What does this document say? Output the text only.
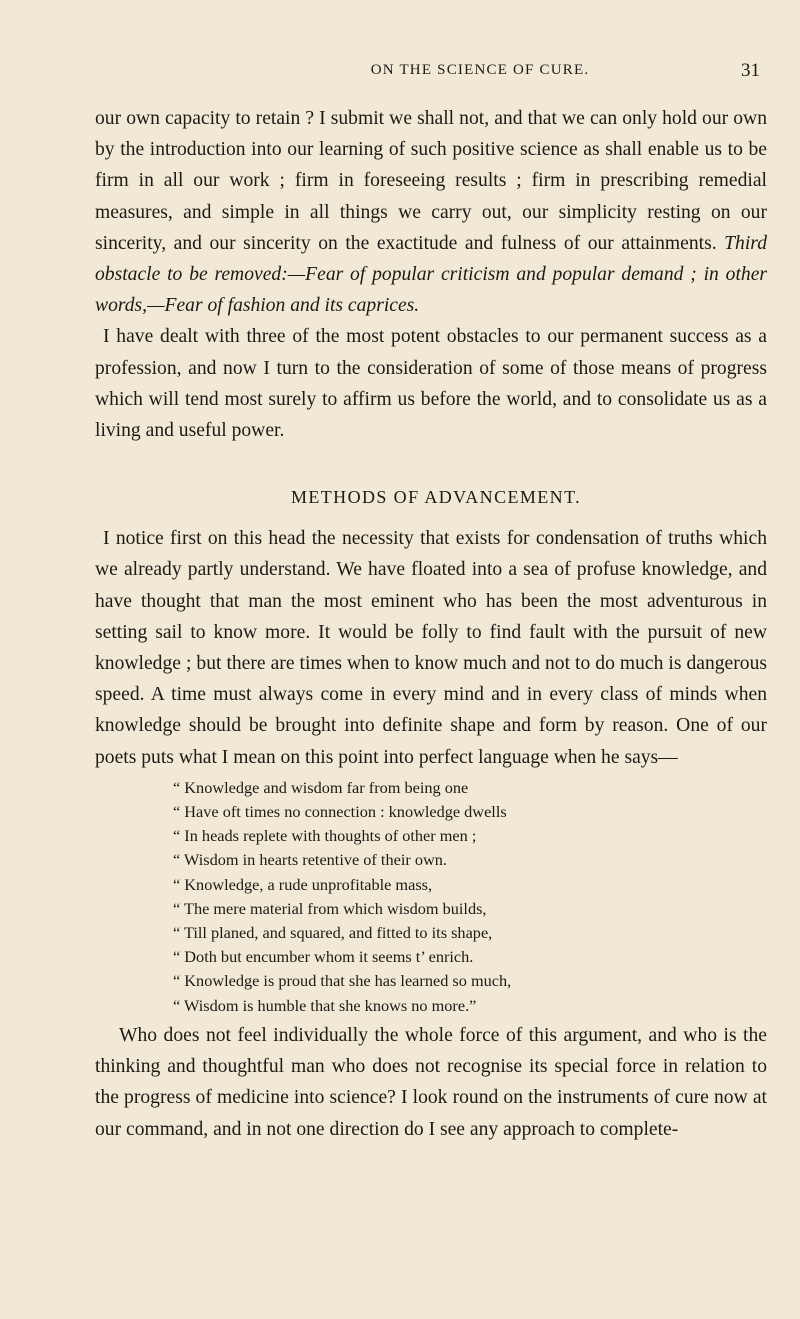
ON THE SCIENCE OF CURE.	31

our own capacity to retain ? I submit we shall not, and that we can only hold our own by the introduction into our learning of such positive science as shall enable us to be firm in all our work ; firm in foreseeing results ; firm in prescribing remedial measures, and simple in all things we carry out, our simplicity resting on our sincerity, and our sincerity on the exactitude and fulness of our attainments. Third obstacle to be removed:—Fear of popular criticism and popular demand ; in other words,—Fear of fashion and its caprices.

I have dealt with three of the most potent obstacles to our permanent success as a profession, and now I turn to the consideration of some of those means of progress which will tend most surely to affirm us before the world, and to consolidate us as a living and useful power.

METHODS OF ADVANCEMENT.

I notice first on this head the necessity that exists for condensation of truths which we already partly understand. We have floated into a sea of profuse knowledge, and have thought that man the most eminent who has been the most adventurous in setting sail to know more. It would be folly to find fault with the pursuit of new knowledge ; but there are times when to know much and not to do much is dangerous speed. A time must always come in every mind and in every class of minds when knowledge should be brought into definite shape and form by reason. One of our poets puts what I mean on this point into perfect language when he says—

“ Knowledge and wisdom far from being one
“ Have oft times no connection : knowledge dwells
“ In heads replete with thoughts of other men ;
“ Wisdom in hearts retentive of their own.
“ Knowledge, a rude unprofitable mass,
“ The mere material from which wisdom builds,
“ Till planed, and squared, and fitted to its shape,
“ Doth but encumber whom it seems t’ enrich.
“ Knowledge is proud that she has learned so much,
“ Wisdom is humble that she knows no more.”

Who does not feel individually the whole force of this argument, and who is the thinking and thoughtful man who does not recognise its special force in relation to the progress of medicine into science? I look round on the instruments of cure now at our command, and in not one direction do I see any approach to complete-
